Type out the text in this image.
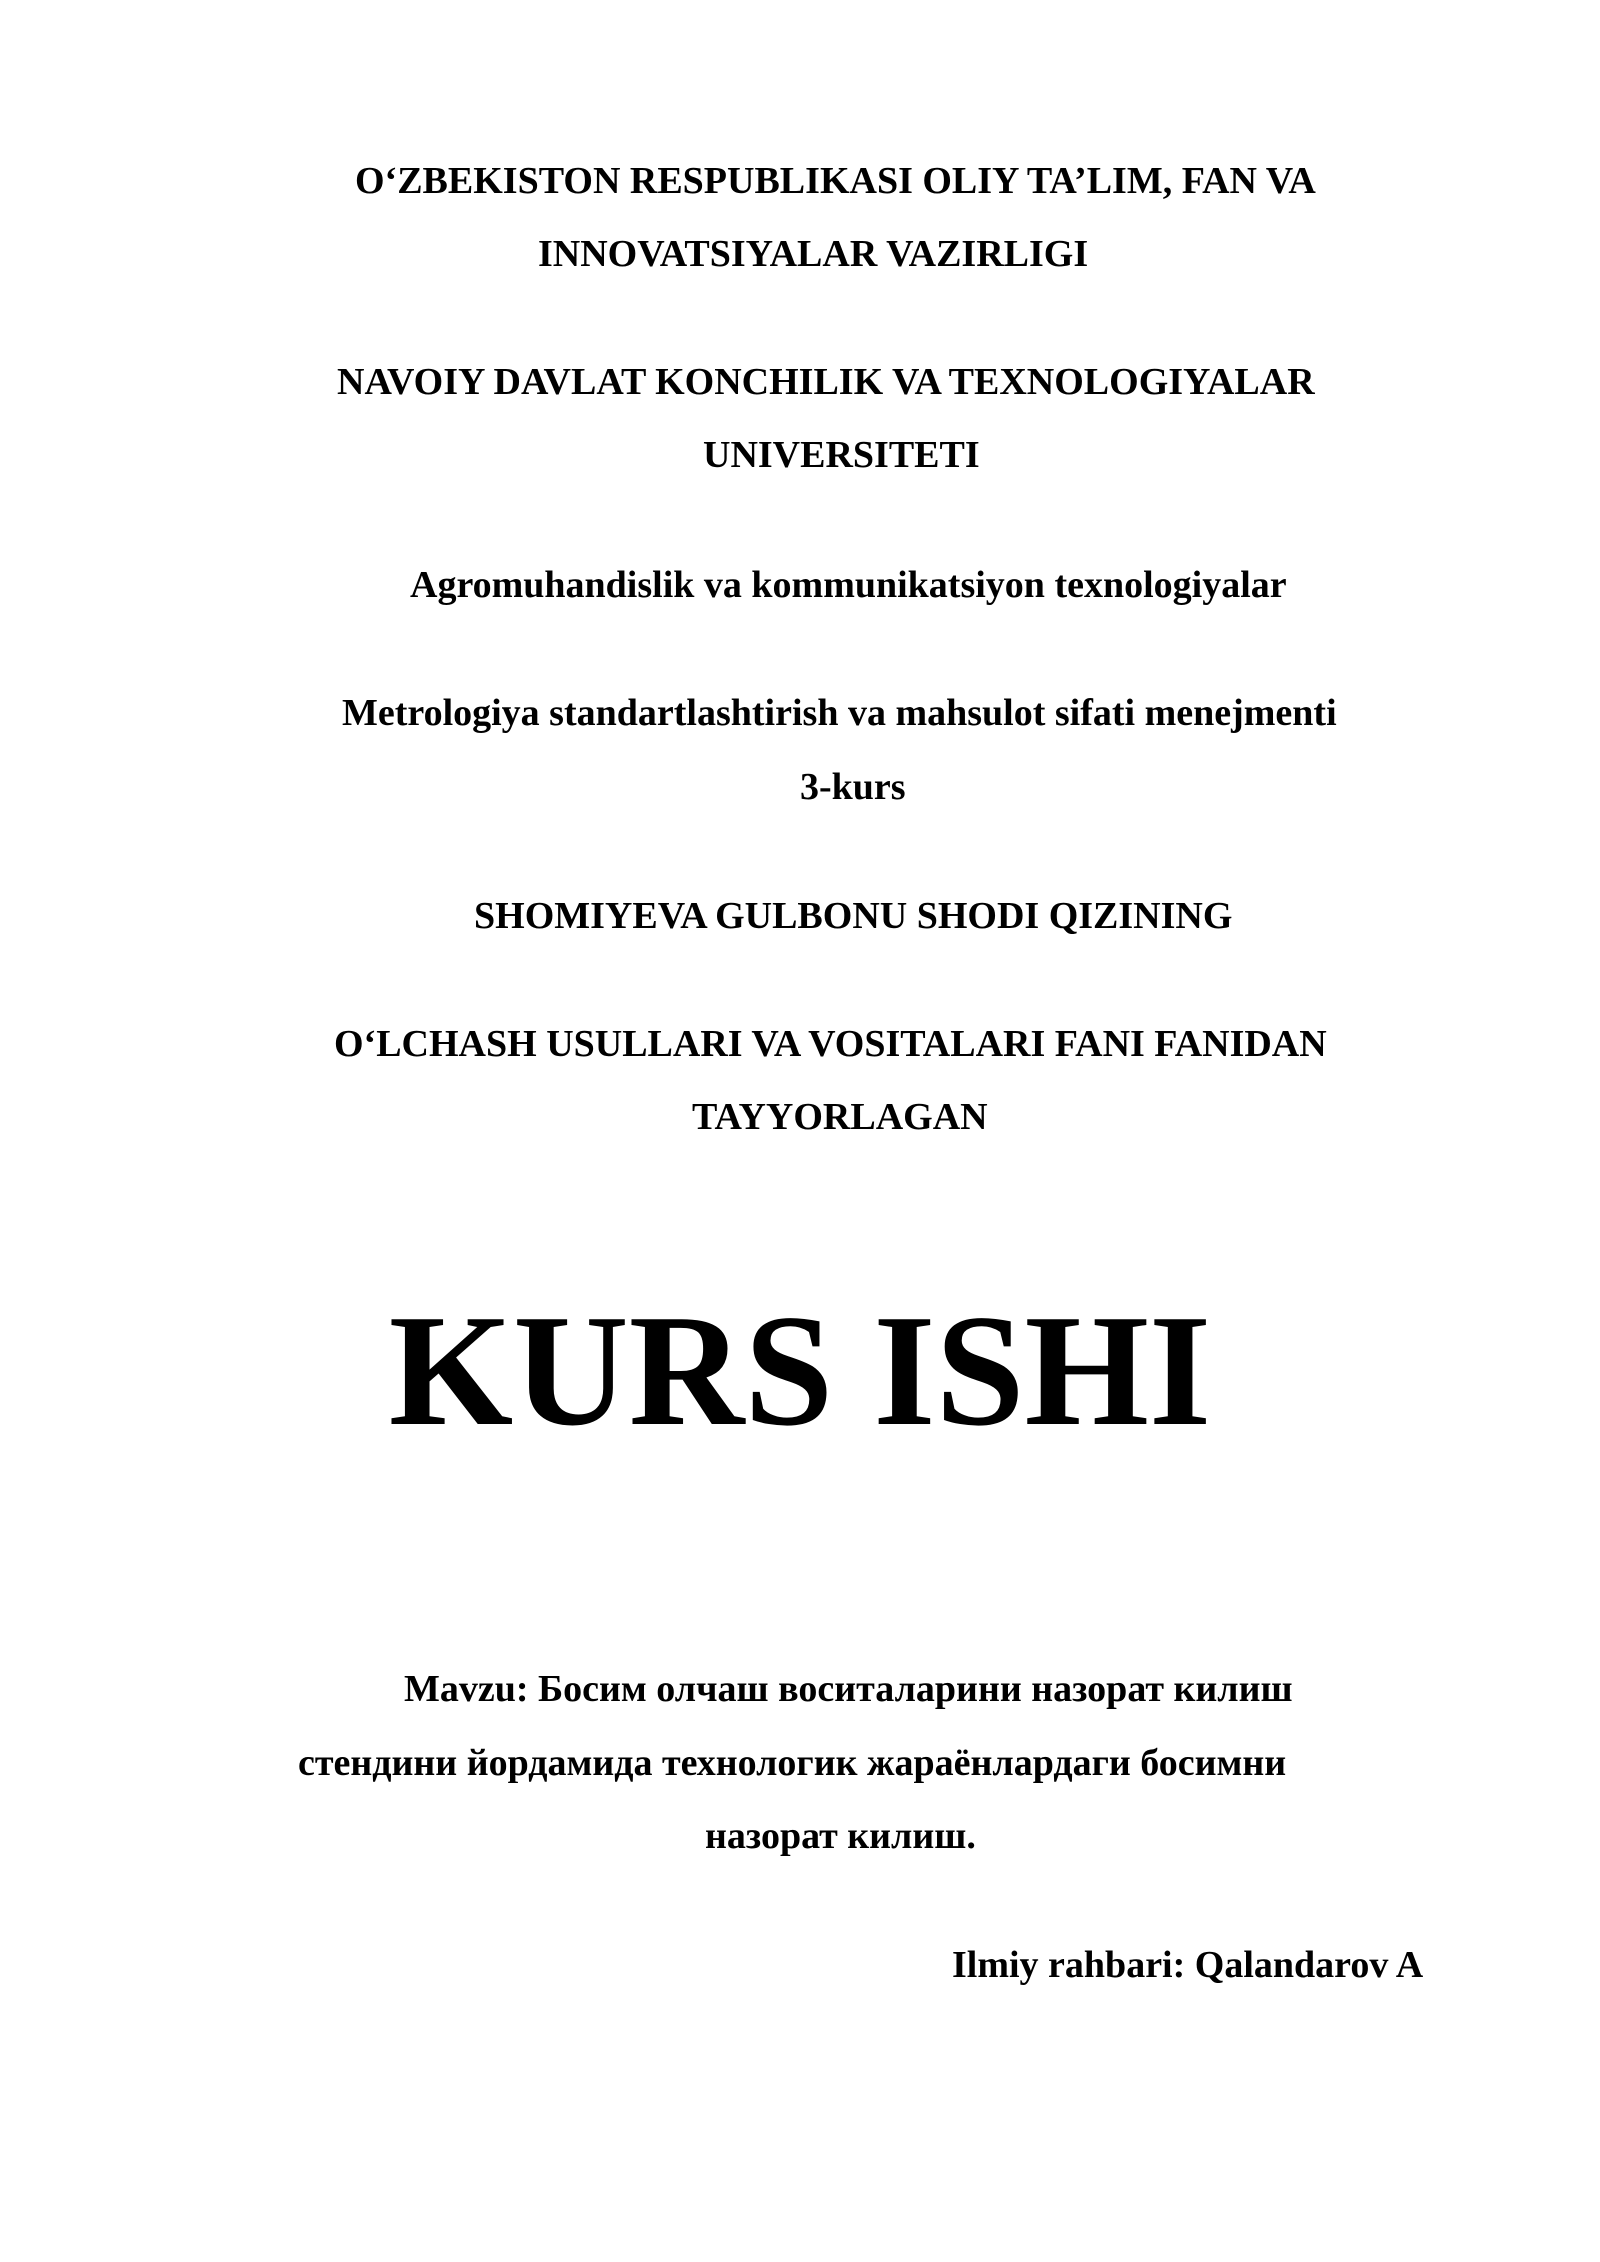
O‘ZBEKISTON RESPUBLIKASI OLIY TA’LIM, FAN VA
INNOVATSIYALAR VAZIRLIGI
NAVOIY DAVLAT KONCHILIK VA TEXNOLOGIYALAR
UNIVERSITETI
Agromuhandislik va kommunikatsiyon texnologiyalar
Metrologiya standartlashtirish va mahsulot sifati menejmenti
3-kurs
SHOMIYEVA GULBONU SHODI QIZINING
O‘LCHASH USULLARI VA VOSITALARI FANI FANIDAN
TAYYORLAGAN
KURS ISHI
Mavzu: Босим олчаш воситаларини назорат килиш
стендини йордамида технологик жараёнлардаги босимни
назорат килиш.
Ilmiy rahbari: Qalandarov A
